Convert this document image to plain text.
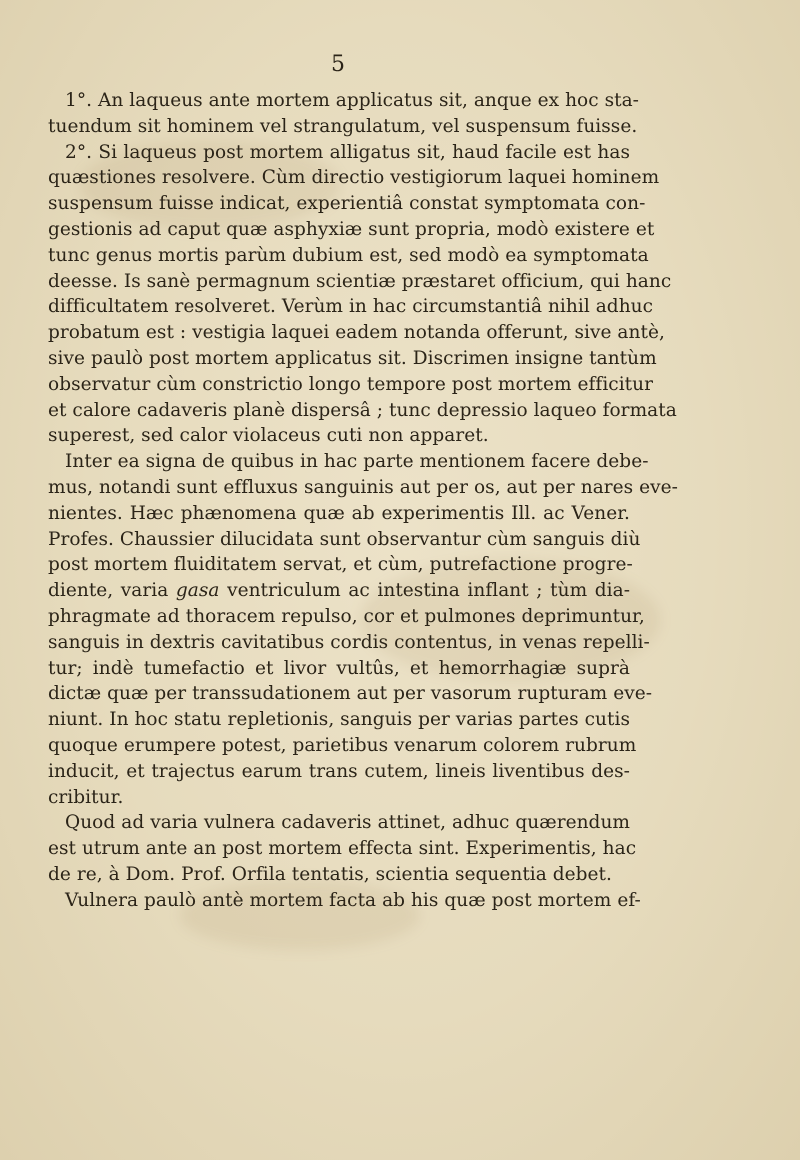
5
1°. An laqueus ante mortem applicatus sit, anque ex hoc sta-
tuendum sit hominem vel strangulatum, vel suspensum fuisse.
2°. Si laqueus post mortem alligatus sit, haud facile est has
quæstiones resolvere. Cùm directio vestigiorum laquei hominem
suspensum fuisse indicat, experientiâ constat symptomata con-
gestionis ad caput quæ asphyxiæ sunt propria, modò existere et
tunc genus mortis parùm dubium est, sed modò ea symptomata
deesse. Is sanè permagnum scientiæ præstaret officium, qui hanc
difficultatem resolveret. Verùm in hac circumstantiâ nihil adhuc
probatum est : vestigia laquei eadem notanda offerunt, sive antè,
sive paulò post mortem applicatus sit. Discrimen insigne tantùm
observatur cùm constrictio longo tempore post mortem efficitur
et calore cadaveris planè dispersâ ; tunc depressio laqueo formata
superest, sed calor violaceus cuti non apparet.
Inter ea signa de quibus in hac parte mentionem facere debe-
mus, notandi sunt effluxus sanguinis aut per os, aut per nares eve-
nientes. Hæc phænomena quæ ab experimentis Ill. ac Vener.
Profes. Chaussier dilucidata sunt observantur cùm sanguis diù
post mortem fluiditatem servat, et cùm, putrefactione progre-
diente, varia gasa ventriculum ac intestina inflant ; tùm dia-
phragmate ad thoracem repulso, cor et pulmones deprimuntur,
sanguis in dextris cavitatibus cordis contentus, in venas repelli-
tur; indè tumefactio et livor vultûs, et hemorrhagiæ suprà
dictæ quæ per transsudationem aut per vasorum rupturam eve-
niunt. In hoc statu repletionis, sanguis per varias partes cutis
quoque erumpere potest, parietibus venarum colorem rubrum
inducit, et trajectus earum trans cutem, lineis liventibus des-
cribitur.
Quod ad varia vulnera cadaveris attinet, adhuc quærendum
est utrum ante an post mortem effecta sint. Experimentis, hac
de re, à Dom. Prof. Orfila tentatis, scientia sequentia debet.
Vulnera paulò antè mortem facta ab his quæ post mortem ef-
